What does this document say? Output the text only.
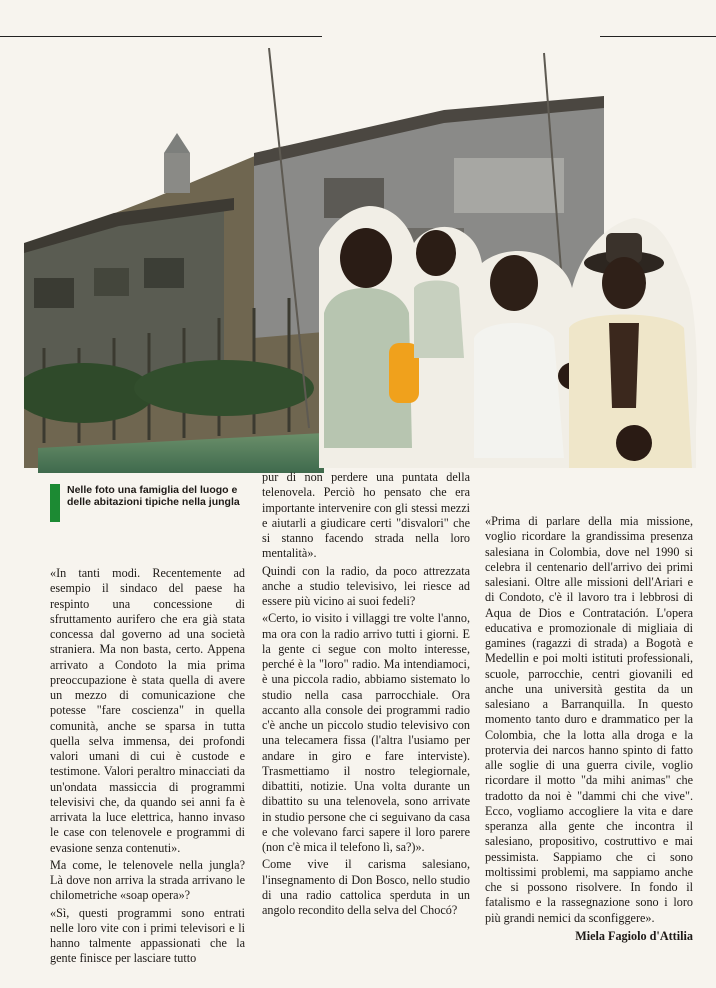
Nelle foto una famiglia del luogo e delle abitazioni tipiche nella jungla

«In tanti modi. Recentemente ad esempio il sindaco del paese ha respinto una concessione di sfruttamento aurifero che era già stata concessa dal governo ad una società straniera. Ma non basta, certo. Appena arrivato a Condoto la mia prima preoccupazione è stata quella di avere un mezzo di comunicazione che potesse "fare coscienza" in quella comunità, anche se sparsa in tutta quella selva immensa, dei profondi valori umani di cui è custode e testimone. Valori peraltro minacciati da un'ondata massiccia di programmi televisivi che, da quando sei anni fa è arrivata la luce elettrica, hanno invaso le case con telenovele e programmi di evasione senza contenuti».

Ma come, le telenovele nella jungla? Là dove non arriva la strada arrivano le chilometriche «soap opera»?

«Sì, questi programmi sono entrati nelle loro vite con i primi televisori e li hanno talmente appassionati che la gente finisce per lasciare tutto

pur di non perdere una puntata della telenovela. Perciò ho pensato che era importante intervenire con gli stessi mezzi e aiutarli a giudicare certi "disvalori" che si stanno facendo strada nella loro mentalità».

Quindi con la radio, da poco attrezzata anche a studio televisivo, lei riesce ad essere più vicino ai suoi fedeli?

«Certo, io visito i villaggi tre volte l'anno, ma ora con la radio arrivo tutti i giorni. E la gente ci segue con molto interesse, perché è la "loro" radio. Ma intendiamoci, è una piccola radio, abbiamo sistemato lo studio nella casa parrocchiale. Ora accanto alla console dei programmi radio c'è anche un piccolo studio televisivo con una telecamera fissa (l'altra l'usiamo per andare in giro e fare interviste). Trasmettiamo il nostro telegiornale, dibattiti, notizie. Una volta durante un dibattito su una telenovela, sono arrivate in studio persone che ci seguivano da casa e che volevano farci sapere il loro parere (non c'è mica il telefono lì, sa?)».

Come vive il carisma salesiano, l'insegnamento di Don Bosco, nello studio di una radio cattolica sperduta in un angolo recondito della selva del Chocó?

«Prima di parlare della mia missione, voglio ricordare la grandissima presenza salesiana in Colombia, dove nel 1990 si celebra il centenario dell'arrivo dei primi salesiani. Oltre alle missioni dell'Ariari e di Condoto, c'è il lavoro tra i lebbrosi di Aqua de Dios e Contratación. L'opera educativa e promozionale di migliaia di gamines (ragazzi di strada) a Bogotà e Medellin e poi molti istituti professionali, scuole, parrocchie, centri giovanili ed anche una università gestita da un salesiano a Barranquilla. In questo momento tanto duro e drammatico per la Colombia, che la lotta alla droga e la protervia dei narcos hanno spinto di fatto alle soglie di una guerra civile, voglio ricordare il motto "da mihi animas" che tradotto da noi è "dammi chi che vive". Ecco, vogliamo accogliere la vita e dare speranza alla gente che incontra il salesiano, propositivo, costruttivo e mai pessimista. Sappiamo che ci sono moltissimi problemi, ma sappiamo anche che si possono risolvere. In fondo il fatalismo e la rassegnazione sono i loro più grandi nemici da sconfiggere».

Miela Fagiolo d'Attilia
